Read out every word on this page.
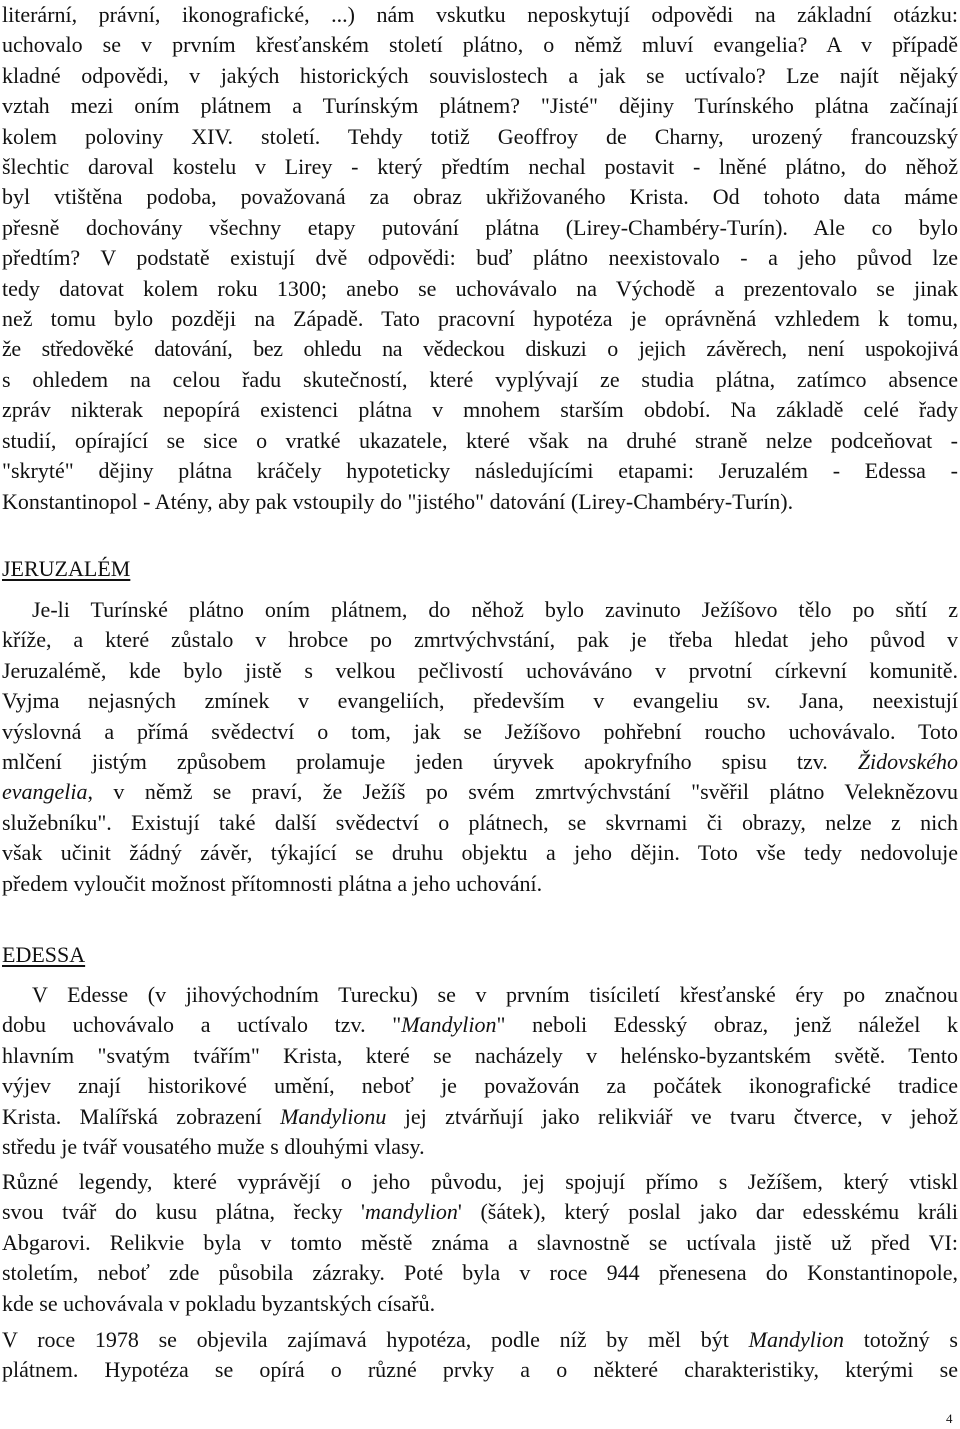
literární, právní, ikonografické, ...) nám vskutku neposkytují odpovědi na základní otázku:
uchovalo se v prvním křesťanském století plátno, o němž mluví evangelia? A v případě
kladné odpovědi, v jakých historických souvislostech a jak se uctívalo? Lze najít nějaký
vztah mezi oním plátnem a Turínským plátnem? "Jisté" dějiny Turínského plátna začínají
kolem poloviny XIV. století. Tehdy totiž Geoffroy de Charny, urozený francouzský
šlechtic daroval kostelu v Lirey - který předtím nechal postavit - lněné plátno, do něhož
byl vtištěna podoba, považovaná za obraz ukřižovaného Krista. Od tohoto data máme
přesně dochovány všechny etapy putování plátna (Lirey-Chambéry-Turín). Ale co bylo
předtím? V podstatě existují dvě odpovědi: buď plátno neexistovalo - a jeho původ lze
tedy datovat kolem roku 1300; anebo se uchovávalo na Východě a prezentovalo se jinak
než tomu bylo později na Západě. Tato pracovní hypotéza je oprávněná vzhledem k tomu,
že středověké datování, bez ohledu na vědeckou diskuzi o jejich závěrech, není uspokojivá
s ohledem na celou řadu skutečností, které vyplývají ze studia plátna, zatímco absence
zpráv nikterak nepopírá existenci plátna v mnohem starším období. Na základě celé řady
studií, opírající se sice o vratké ukazatele, které však na druhé straně nelze podceňovat -
"skryté" dějiny plátna kráčely hypoteticky následujícími etapami: Jeruzalém - Edessa -
Konstantinopol - Atény, aby pak vstoupily do "jistého" datování (Lirey-Chambéry-Turín).
JERUZALÉM
Je-li Turínské plátno oním plátnem, do něhož bylo zavinuto Ježíšovo tělo po sňtí z
kříže, a které zůstalo v hrobce po zmrtvýchvstání, pak je třeba hledat jeho původ v
Jeruzalémě, kde bylo jistě s velkou pečlivostí uchováváno v prvotní církevní komunitě.
Vyjma nejasných zmínek v evangeliích, především v evangeliu sv. Jana, neexistují
výslovná a přímá svědectví o tom, jak se Ježíšovo pohřební roucho uchovávalo. Toto
mlčení jistým způsobem prolamuje jeden úryvek apokryfního spisu tzv. Židovského
evangelia, v němž se praví, že Ježíš po svém zmrtvýchvstání "svěřil plátno Veleknězovu
služebníku". Existují také další svědectví o plátnech, se skvrnami či obrazy, nelze z nich
však učinit žádný závěr, týkající se druhu objektu a jeho dějin. Toto vše tedy nedovoluje
předem vyloučit možnost přítomnosti plátna a jeho uchování.
EDESSA
V Edesse (v jihovýchodním Turecku) se v prvním tisíciletí křesťanské éry po značnou
dobu uchovávalo a uctívalo tzv. "Mandylion" neboli Edesský obraz, jenž náležel k
hlavním "svatým tvářím" Krista, které se nacházely v helénsko-byzantském světě. Tento
výjev znají historikové umění, neboť je považován za počátek ikonografické tradice
Krista. Malířská zobrazení Mandylionu jej ztvárňují jako relikviář ve tvaru čtverce, v jehož
středu je tvář vousatého muže s dlouhými vlasy.
Různé legendy, které vyprávějí o jeho původu, jej spojují přímo s Ježíšem, který vtiskl
svou tvář do kusu plátna, řecky 'mandylion' (šátek), který poslal jako dar edesskému králi
Abgarovi. Relikvie byla v tomto městě známa a slavnostně se uctívala jistě už před VI:
stoletím, neboť zde působila zázraky. Poté byla v roce 944 přenesena do Konstantinopole,
kde se uchovávala v pokladu byzantských císařů.
V roce 1978 se objevila zajímavá hypotéza, podle níž by měl být Mandylion totožný s
plátnem. Hypotéza se opírá o různé prvky a o některé charakteristiky, kterými se
4
